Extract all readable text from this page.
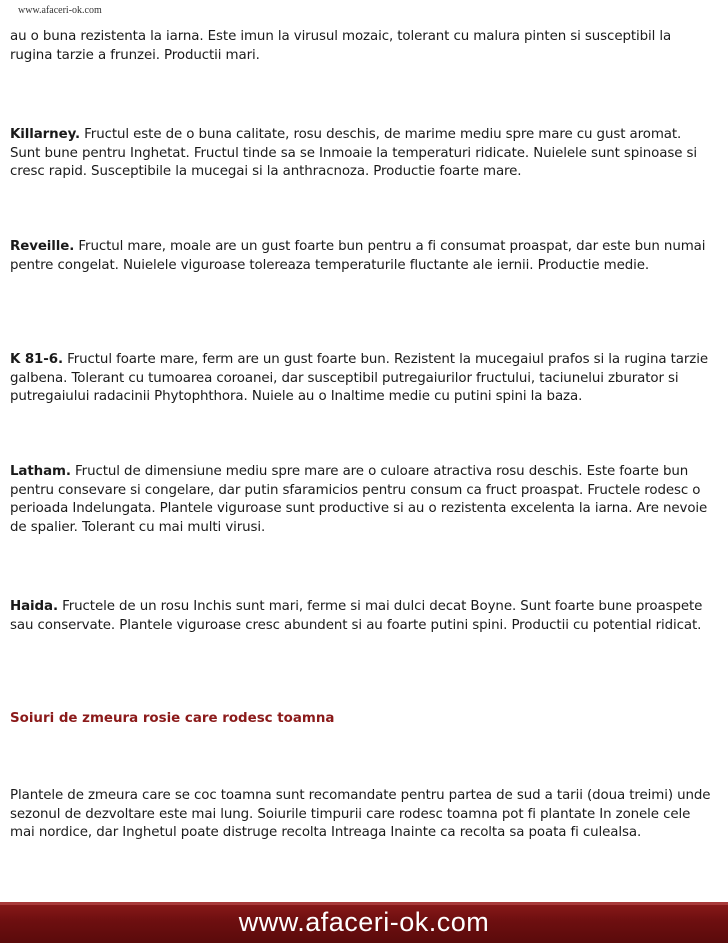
www.afaceri-ok.com

au o buna rezistenta la iarna. Este imun la virusul mozaic, tolerant cu malura pinten si susceptibil la rugina tarzie a frunzei. Productii mari.

Killarney. Fructul este de o buna calitate, rosu deschis, de marime mediu spre mare cu gust aromat. Sunt bune pentru Inghetat. Fructul tinde sa se Inmoaie la temperaturi ridicate. Nuielele sunt spinoase si cresc rapid. Susceptibile la mucegai si la anthracnoza. Productie foarte mare.

Reveille. Fructul mare, moale are un gust foarte bun pentru a fi consumat proaspat, dar este bun numai pentre congelat. Nuielele viguroase tolereaza temperaturile fluctante ale iernii. Productie medie.

K 81-6. Fructul foarte mare, ferm are un gust foarte bun. Rezistent la mucegaiul prafos si la rugina tarzie galbena. Tolerant cu tumoarea coroanei, dar susceptibil putregaiurilor fructului, taciunelui zburator si putregaiului radacinii Phytophthora. Nuiele au o Inaltime medie cu putini spini la baza.

Latham. Fructul de dimensiune mediu spre mare are o culoare atractiva rosu deschis. Este foarte bun pentru consevare si congelare, dar putin sfaramicios pentru consum ca fruct proaspat. Fructele rodesc o perioada Indelungata. Plantele viguroase sunt productive si au o rezistenta excelenta la iarna. Are nevoie de spalier. Tolerant cu mai multi virusi.

Haida. Fructele de un rosu Inchis sunt mari, ferme si mai dulci decat Boyne. Sunt foarte bune proaspete sau conservate. Plantele viguroase cresc abundent si au foarte putini spini. Productii cu potential ridicat.

Soiuri de zmeura rosie care rodesc toamna

Plantele de zmeura care se coc toamna sunt recomandate pentru partea de sud a tarii (doua treimi) unde sezonul de dezvoltare este mai lung. Soiurile timpurii care rodesc toamna pot fi plantate In zonele cele mai nordice, dar Inghetul poate distruge recolta Intreaga Inainte ca recolta sa poata fi culealsa.

www.afaceri-ok.com
